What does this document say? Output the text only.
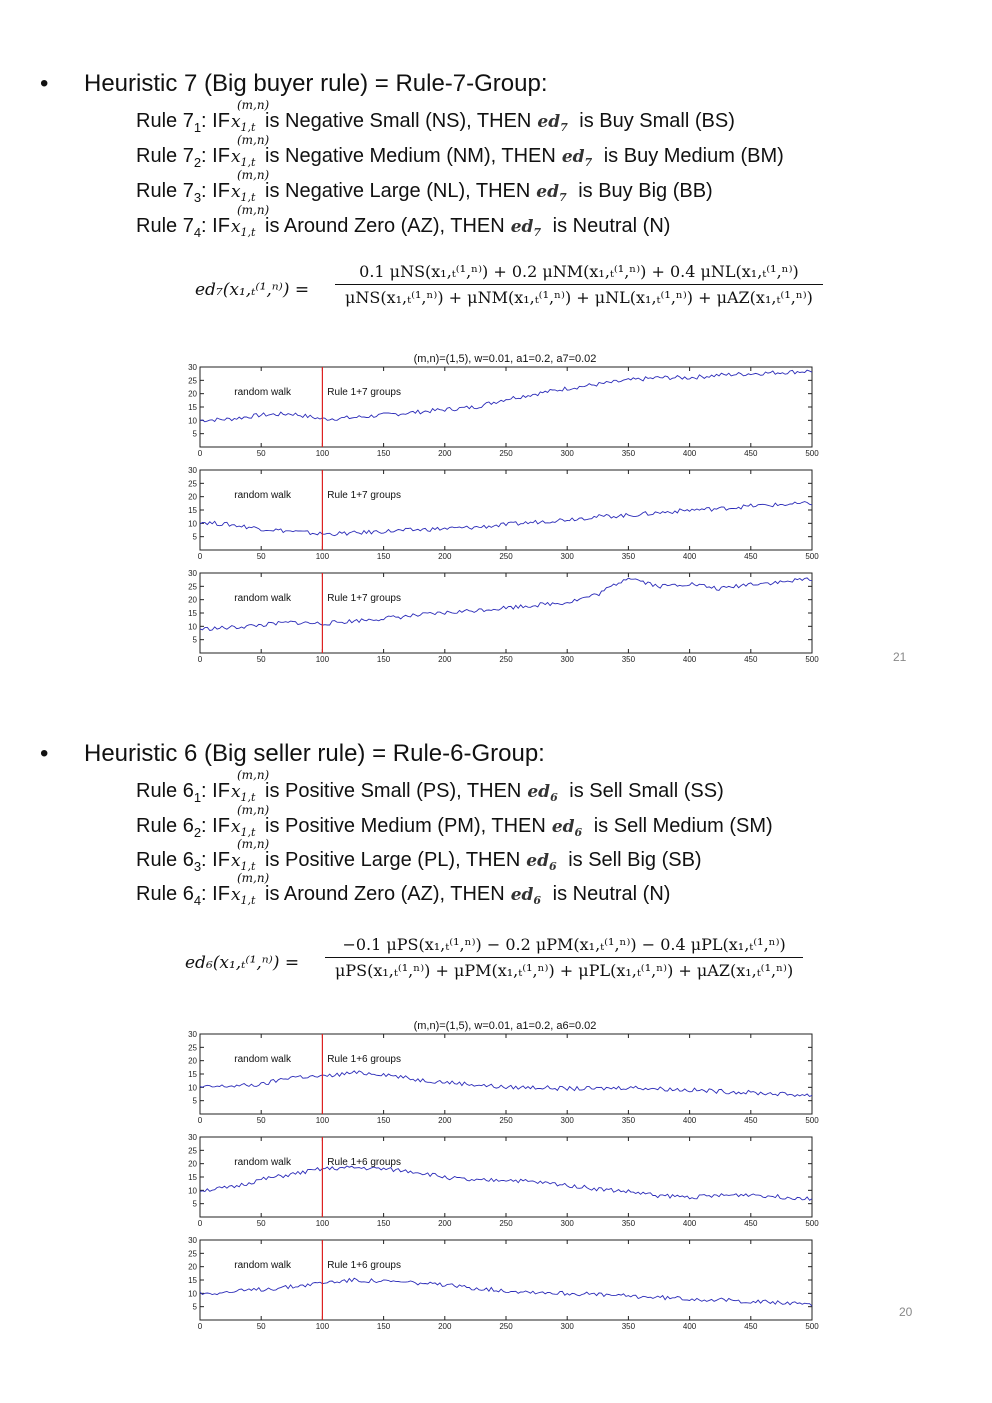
• Heuristic 7 (Big buyer rule) = Rule-7-Group:
Rule $7_1$: IFx$_{1,t}$
(m,n)
is Negative Small (NS), THEN $ed_7$ is Buy Small (BS)
Rule $7_2$: IFx$_{1,t}$
(m,n)
is Negative Medium (NM), THEN $ed_7$ is Buy Medium (BM)
Rule $7_3$: IFx$_{1,t}$
(m,n)
is Negative Large (NL), THEN $ed_7$ is Buy Big (BB)
Rule $7_4$: IFx$_{1,t}$
(m,n)
is Around Zero (AZ), THEN $ed_7$ is Neutral (N)
ed₇(x₁,ₜ⁽¹,ⁿ⁾) =
0.1 μNS(x₁,ₜ⁽¹,ⁿ⁾) + 0.2 μNM(x₁,ₜ⁽¹,ⁿ⁾) + 0.4 μNL(x₁,ₜ⁽¹,ⁿ⁾)
μNS(x₁,ₜ⁽¹,ⁿ⁾) + μNM(x₁,ₜ⁽¹,ⁿ⁾) + μNL(x₁,ₜ⁽¹,ⁿ⁾) + μAZ(x₁,ₜ⁽¹,ⁿ⁾)
(m,n)=(1,5), w=0.01, a1=0.2, a7=0.02
5
10
15
20
25
30
0	50	100	150	200	250	300	350	400	450	500
random walk	Rule 1+7 groups
5
10
15
20
25
30
0	50	100	150	200	250	300	350	400	450	500
random walk	Rule 1+7 groups
5
10
15
20
25
30
0	50	100	150	200	250	300	350	400	450	500
random walk	Rule 1+7 groups
21
• Heuristic 6 (Big seller rule) = Rule-6-Group:
Rule $6_1$: IFx$_{1,t}$
(m,n)
is Positive Small (PS), THEN $ed_6$ is Sell Small (SS)
Rule $6_2$: IFx$_{1,t}$
(m,n)
is Positive Medium (PM), THEN $ed_6$ is Sell Medium (SM)
Rule $6_3$: IFx$_{1,t}$
(m,n)
is Positive Large (PL), THEN $ed_6$ is Sell Big (SB)
Rule $6_4$: IFx$_{1,t}$
(m,n)
is Around Zero (AZ), THEN $ed_6$ is Neutral (N)
ed₆(x₁,ₜ⁽¹,ⁿ⁾) =
−0.1 μPS(x₁,ₜ⁽¹,ⁿ⁾) − 0.2 μPM(x₁,ₜ⁽¹,ⁿ⁾) − 0.4 μPL(x₁,ₜ⁽¹,ⁿ⁾)
μPS(x₁,ₜ⁽¹,ⁿ⁾) + μPM(x₁,ₜ⁽¹,ⁿ⁾) + μPL(x₁,ₜ⁽¹,ⁿ⁾) + μAZ(x₁,ₜ⁽¹,ⁿ⁾)
(m,n)=(1,5), w=0.01, a1=0.2, a6=0.02
5
10
15
20
25
30
0	50	100	150	200	250	300	350	400	450	500
random walk	Rule 1+6 groups
5
10
15
20
25
30
0	50	100	150	200	250	300	350	400	450	500
random walk	Rule 1+6 groups
5
10
15
20
25
30
0	50	100	150	200	250	300	350	400	450	500
random walk	Rule 1+6 groups
20
